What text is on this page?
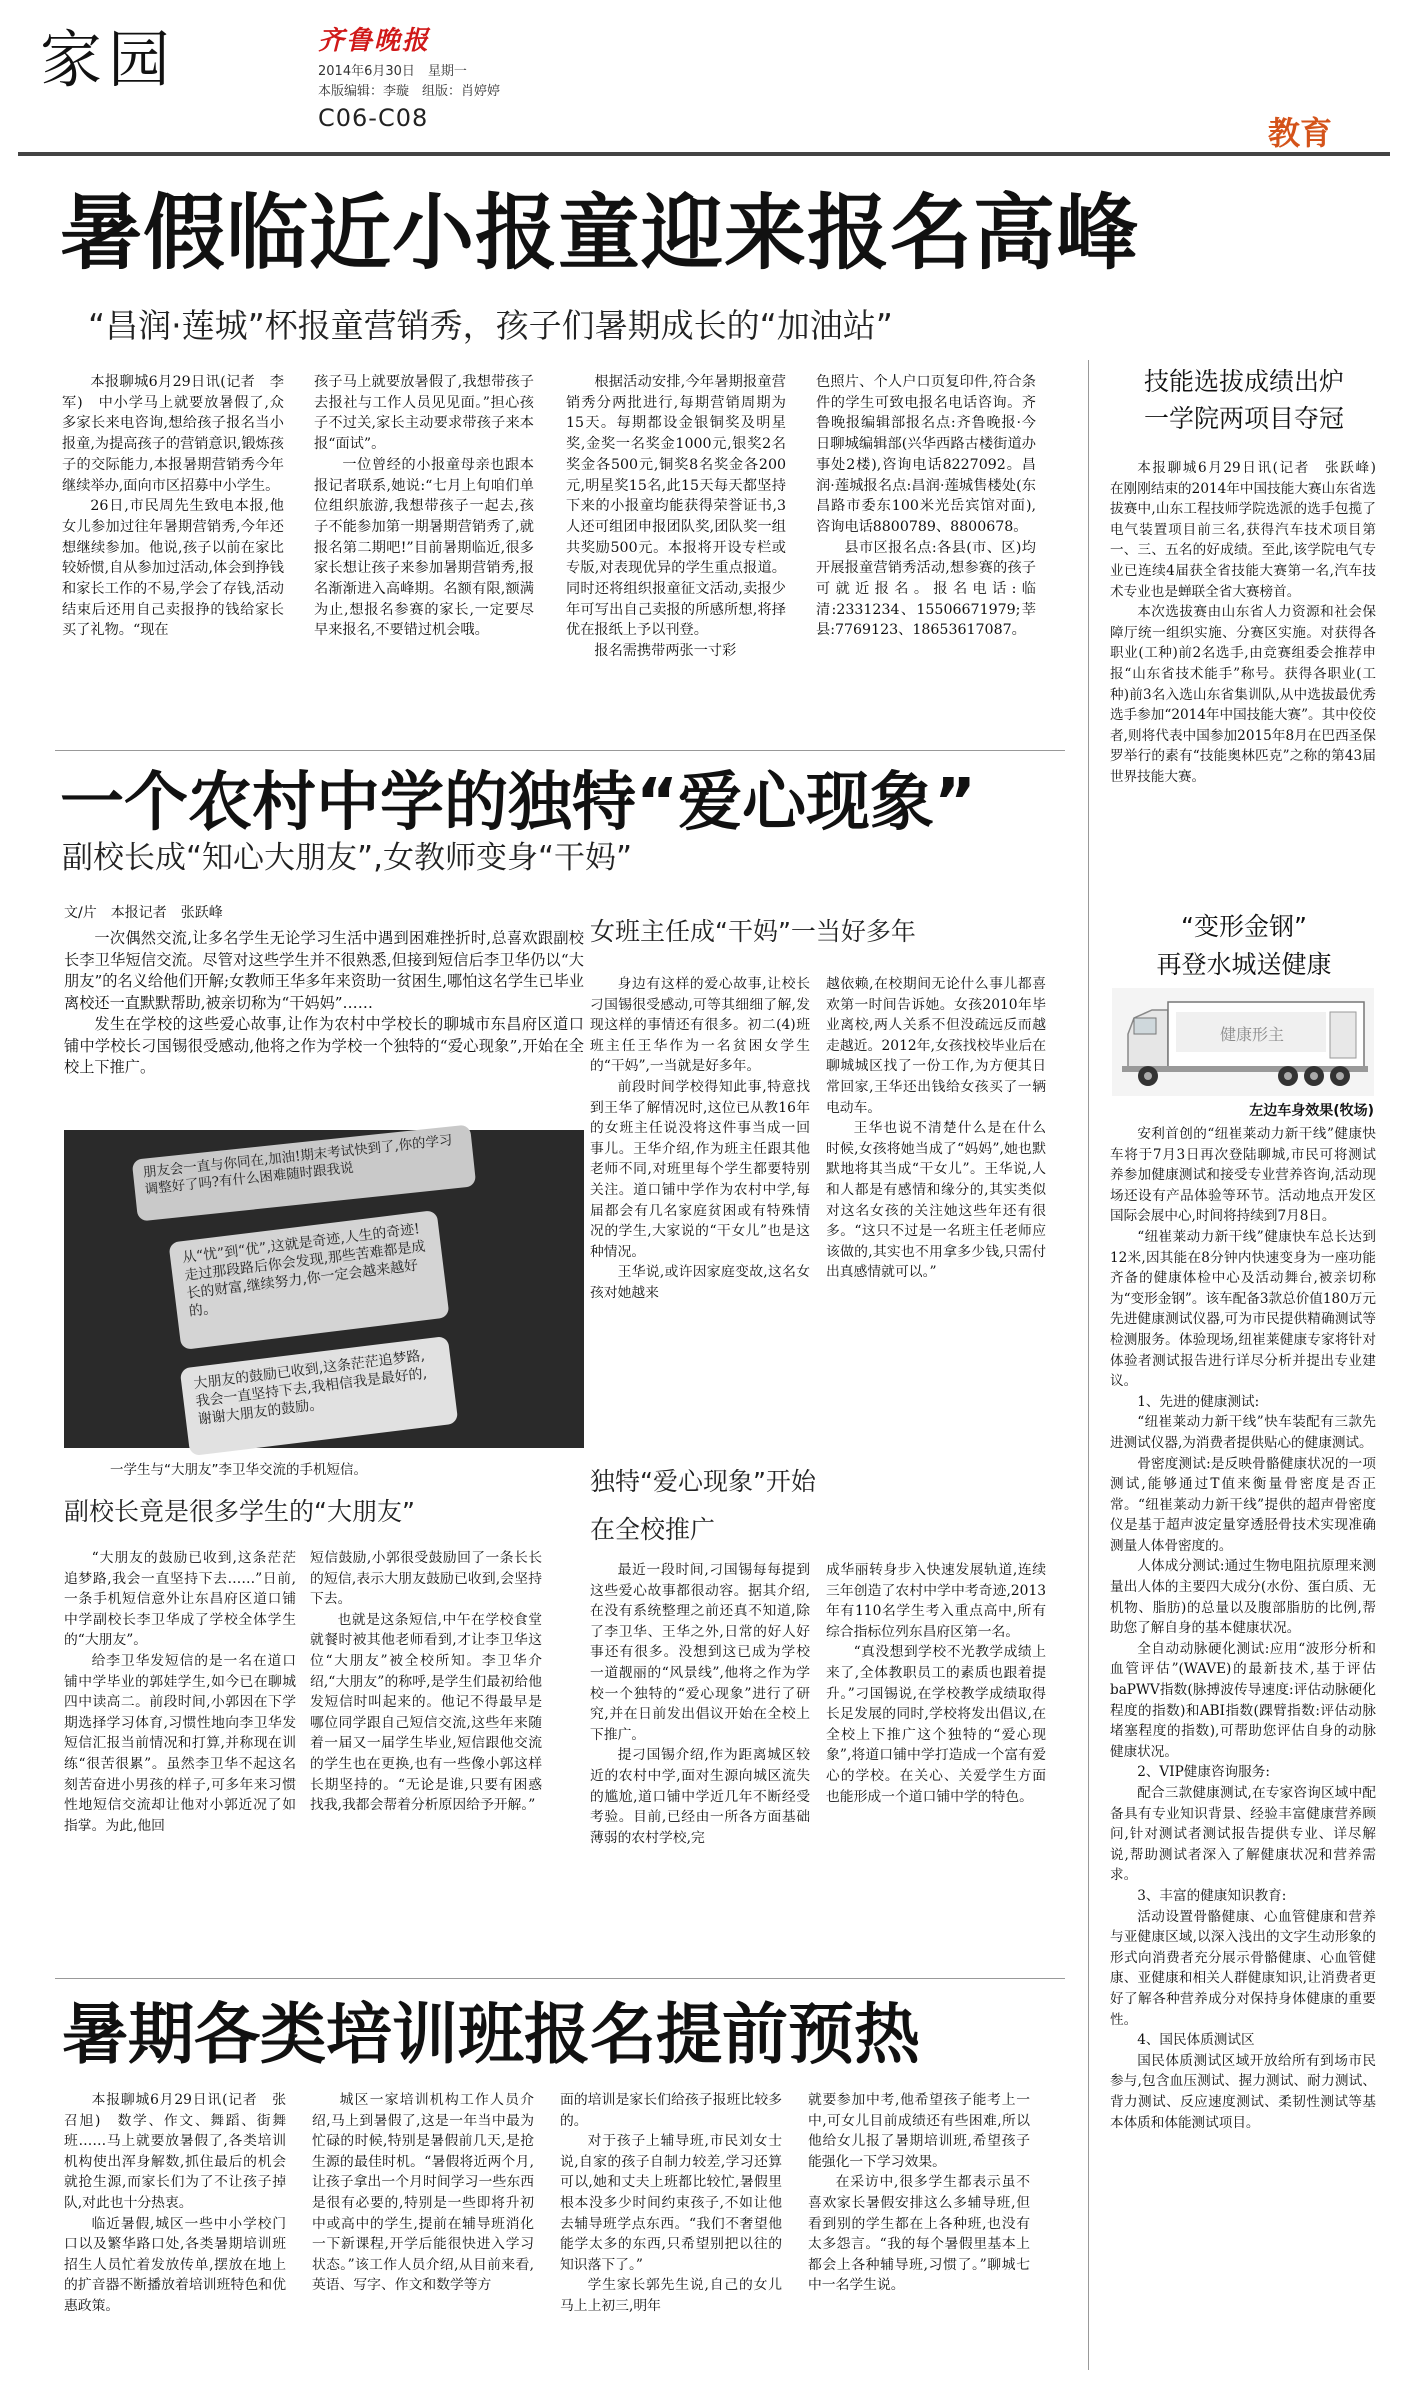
家园	齐鲁晚报
2014年6月30日　星期一
本版编辑：李璇　组版：肖婷婷
C06-C08	教育
暑假临近小报童迎来报名高峰
“昌润·莲城”杯报童营销秀，孩子们暑期成长的“加油站”

本报聊城6月29日讯(记者　李军)　中小学马上就要放暑假了,众多家长来电咨询,想给孩子报名当小报童,为提高孩子的营销意识,锻炼孩子的交际能力,本报暑期营销秀今年继续举办,面向市区招募中小学生。

26日,市民周先生致电本报,他女儿参加过往年暑期营销秀,今年还想继续参加。他说,孩子以前在家比较娇惯,自从参加过活动,体会到挣钱和家长工作的不易,学会了存钱,活动结束后还用自己卖报挣的钱给家长买了礼物。“现在

孩子马上就要放暑假了,我想带孩子去报社与工作人员见见面。”担心孩子不过关,家长主动要求带孩子来本报“面试”。

一位曾经的小报童母亲也跟本报记者联系,她说:“七月上旬咱们单位组织旅游,我想带孩子一起去,孩子不能参加第一期暑期营销秀了,就报名第二期吧!”目前暑期临近,很多家长想让孩子来参加暑期营销秀,报名渐渐进入高峰期。名额有限,额满为止,想报名参赛的家长,一定要尽早来报名,不要错过机会哦。

根据活动安排,今年暑期报童营销秀分两批进行,每期营销周期为15天。每期都设金银铜奖及明星奖,金奖一名奖金1000元,银奖2名奖金各500元,铜奖8名奖金各200元,明星奖15名,此15天每天都坚持下来的小报童均能获得荣誉证书,3人还可组团申报团队奖,团队奖一组共奖励500元。本报将开设专栏或专版,对表现优异的学生重点报道。同时还将组织报童征文活动,卖报少年可写出自己卖报的所感所想,将择优在报纸上予以刊登。

报名需携带两张一寸彩

色照片、个人户口页复印件,符合条件的学生可致电报名电话咨询。齐鲁晚报编辑部报名点:齐鲁晚报·今日聊城编辑部(兴华西路古楼街道办事处2楼),咨询电话8227092。昌润·莲城报名点:昌润·莲城售楼处(东昌路市委东100米光岳宾馆对面),咨询电话8800789、8800678。

县市区报名点:各县(市、区)均开展报童营销秀活动,想参赛的孩子可就近报名。报名电话:临清:2331234、15506671979;莘县:7769123、18653617087。

技能选拔成绩出炉
一学院两项目夺冠

本报聊城6月29日讯(记者　张跃峰)　在刚刚结束的2014年中国技能大赛山东省选拔赛中,山东工程技师学院选派的选手包揽了电气装置项目前三名,获得汽车技术项目第一、三、五名的好成绩。至此,该学院电气专业已连续4届获全省技能大赛第一名,汽车技术专业也是蝉联全省大赛榜首。

本次选拔赛由山东省人力资源和社会保障厅统一组织实施、分赛区实施。对获得各职业(工种)前2名选手,由竞赛组委会推荐申报“山东省技术能手”称号。获得各职业(工种)前3名入选山东省集训队,从中选拔最优秀选手参加“2014年中国技能大赛”。其中佼佼者,则将代表中国参加2015年8月在巴西圣保罗举行的素有“技能奥林匹克”之称的第43届世界技能大赛。

“变形金钢”
再登水城送健康
健康形主
左边车身效果(牧场)

安利首创的“纽崔莱动力新干线”健康快车将于7月3日再次登陆聊城,市民可将测试养参加健康测试和接受专业营养咨询,活动现场还设有产品体验等环节。活动地点开发区国际会展中心,时间将持续到7月8日。

“纽崔莱动力新干线”健康快车总长达到12米,因其能在8分钟内快速变身为一座功能齐备的健康体检中心及活动舞台,被亲切称为“变形金钢”。该车配备3款总价值180万元先进健康测试仪器,可为市民提供精确测试等检测服务。体验现场,纽崔莱健康专家将针对体验者测试报告进行详尽分析并提出专业建议。

1、先进的健康测试:

“纽崔莱动力新干线”快车装配有三款先进测试仪器,为消费者提供贴心的健康测试。

骨密度测试:是反映骨骼健康状况的一项测试,能够通过T值来衡量骨密度是否正常。“纽崔莱动力新干线”提供的超声骨密度仪是基于超声波定量穿透胫骨技术实现准确测量人体骨密度的。

人体成分测试:通过生物电阻抗原理来测量出人体的主要四大成分(水份、蛋白质、无机物、脂肪)的总量以及腹部脂肪的比例,帮助您了解自身的基本健康状况。

全自动动脉硬化测试:应用“波形分析和血管评估”(WAVE)的最新技术,基于评估baPWV指数(脉搏波传导速度:评估动脉硬化程度的指数)和ABI指数(踝臂指数:评估动脉堵塞程度的指数),可帮助您评估自身的动脉健康状况。

2、VIP健康咨询服务:

配合三款健康测试,在专家咨询区域中配备具有专业知识背景、经验丰富健康营养顾问,针对测试者测试报告提供专业、详尽解说,帮助测试者深入了解健康状况和营养需求。

3、丰富的健康知识教育:

活动设置骨骼健康、心血管健康和营养与亚健康区域,以深入浅出的文字生动形象的形式向消费者充分展示骨骼健康、心血管健康、亚健康和相关人群健康知识,让消费者更好了解各种营养成分对保持身体健康的重要性。

4、国民体质测试区

国民体质测试区域开放给所有到场市民参与,包含血压测试、握力测试、耐力测试、背力测试、反应速度测试、柔韧性测试等基本体质和体能测试项目。

一个农村中学的独特“爱心现象”
副校长成“知心大朋友”,女教师变身“干妈”
文/片　本报记者　张跃峰

一次偶然交流,让多名学生无论学习生活中遇到困难挫折时,总喜欢跟副校长李卫华短信交流。尽管对这些学生并不很熟悉,但接到短信后李卫华仍以“大朋友”的名义给他们开解;女教师王华多年来资助一贫困生,哪怕这名学生已毕业离校还一直默默帮助,被亲切称为“干妈妈”……

发生在学校的这些爱心故事,让作为农村中学校长的聊城市东昌府区道口铺中学校长刁国锡很受感动,他将之作为学校一个独特的“爱心现象”,开始在全校上下推广。

朋友会一直与你同在,加油!期末考试快到了,你的学习调整好了吗?有什么困难随时跟我说
从“忧”到“优”,这就是奇迹,人生的奇迹!走过那段路后你会发现,那些苦难都是成长的财富,继续努力,你一定会越来越好的。
大朋友的鼓励已收到,这条茫茫追梦路,我会一直坚持下去,我相信我是最好的,谢谢大朋友的鼓励。
一学生与“大朋友”李卫华交流的手机短信。
副校长竟是很多学生的“大朋友”

“大朋友的鼓励已收到,这条茫茫追梦路,我会一直坚持下去……”日前,一条手机短信意外让东昌府区道口铺中学副校长李卫华成了学校全体学生的“大朋友”。

给李卫华发短信的是一名在道口铺中学毕业的郭娃学生,如今已在聊城四中读高二。前段时间,小郭因在下学期选择学习体育,习惯性地向李卫华发短信汇报当前情况和打算,并称现在训练“很苦很累”。虽然李卫华不起这名刻苦奋进小男孩的样子,可多年来习惯性地短信交流却让他对小郭近况了如指掌。为此,他回

短信鼓励,小郭很受鼓励回了一条长长的短信,表示大朋友鼓励已收到,会坚持下去。

也就是这条短信,中午在学校食堂就餐时被其他老师看到,才让李卫华这位“大朋友”被全校所知。李卫华介绍,“大朋友”的称呼,是学生们最初给他发短信时叫起来的。他记不得最早是哪位同学跟自己短信交流,这些年来随着一届又一届学生毕业,短信跟他交流的学生也在更换,也有一些像小郭这样长期坚持的。“无论是谁,只要有困惑找我,我都会帮着分析原因给予开解。”

女班主任成“干妈”一当好多年

身边有这样的爱心故事,让校长刁国锡很受感动,可等其细细了解,发现这样的事情还有很多。初二(4)班班主任王华作为一名贫困女学生的“干妈”,一当就是好多年。

前段时间学校得知此事,特意找到王华了解情况时,这位已从教16年的女班主任说没将这件事当成一回事儿。王华介绍,作为班主任跟其他老师不同,对班里每个学生都要特别关注。道口铺中学作为农村中学,每届都会有几名家庭贫困或有特殊情况的学生,大家说的“干女儿”也是这种情况。

王华说,或许因家庭变故,这名女孩对她越来

越依赖,在校期间无论什么事儿都喜欢第一时间告诉她。女孩2010年毕业离校,两人关系不但没疏远反而越走越近。2012年,女孩找校毕业后在聊城城区找了一份工作,为方便其日常回家,王华还出钱给女孩买了一辆电动车。

王华也说不清楚什么是在什么时候,女孩将她当成了“妈妈”,她也默默地将其当成“干女儿”。王华说,人和人都是有感情和缘分的,其实类似对这名女孩的关注她这些年还有很多。“这只不过是一名班主任老师应该做的,其实也不用拿多少钱,只需付出真感情就可以。”

独特“爱心现象”开始在全校推广

最近一段时间,刁国锡每每提到这些爱心故事都很动容。据其介绍,在没有系统整理之前还真不知道,除了李卫华、王华之外,日常的好人好事还有很多。没想到这已成为学校一道靓丽的“风景线”,他将之作为学校一个独特的“爱心现象”进行了研究,并在日前发出倡议开始在全校上下推广。

提刁国锡介绍,作为距离城区较近的农村中学,面对生源向城区流失的尴尬,道口铺中学近几年不断经受考验。目前,已经由一所各方面基础薄弱的农村学校,完

成华丽转身步入快速发展轨道,连续三年创造了农村中学中考奇迹,2013年有110名学生考入重点高中,所有综合指标位列东昌府区第一名。

“真没想到学校不光教学成绩上来了,全体教职员工的素质也跟着提升。”刁国锡说,在学校教学成绩取得长足发展的同时,学校将发出倡议,在全校上下推广这个独特的“爱心现象”,将道口铺中学打造成一个富有爱心的学校。在关心、关爱学生方面也能形成一个道口铺中学的特色。

暑期各类培训班报名提前预热

本报聊城6月29日讯(记者　张召旭)　数学、作文、舞蹈、街舞班……马上就要放暑假了,各类培训机构使出浑身解数,抓住最后的机会就抢生源,而家长们为了不让孩子掉队,对此也十分热衷。

临近暑假,城区一些中小学校门口以及繁华路口处,各类暑期培训班招生人员忙着发放传单,摆放在地上的扩音器不断播放着培训班特色和优惠政策。

城区一家培训机构工作人员介绍,马上到暑假了,这是一年当中最为忙碌的时候,特别是暑假前几天,是抢生源的最佳时机。“暑假将近两个月,让孩子拿出一个月时间学习一些东西是很有必要的,特别是一些即将升初中或高中的学生,提前在辅导班消化一下新课程,开学后能很快进入学习状态。”该工作人员介绍,从目前来看,英语、写字、作文和数学等方

面的培训是家长们给孩子报班比较多的。

对于孩子上辅导班,市民刘女士说,自家的孩子自制力较差,学习还算可以,她和丈夫上班都比较忙,暑假里根本没多少时间约束孩子,不如让他去辅导班学点东西。“我们不奢望他能学太多的东西,只希望别把以往的知识落下了。”

学生家长郭先生说,自己的女儿马上上初三,明年

就要参加中考,他希望孩子能考上一中,可女儿目前成绩还有些困难,所以他给女儿报了暑期培训班,希望孩子能强化一下学习效果。

在采访中,很多学生都表示虽不喜欢家长暑假安排这么多辅导班,但看到别的学生都在上各种班,也没有太多怨言。“我的每个暑假里基本上都会上各种辅导班,习惯了。”聊城七中一名学生说。
